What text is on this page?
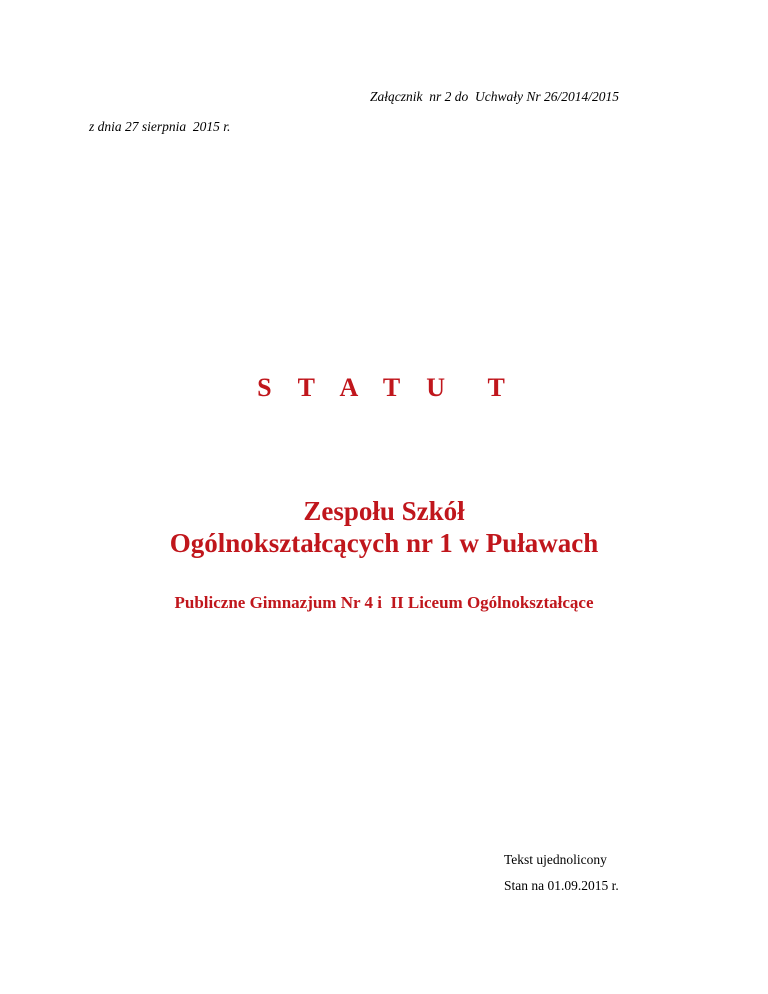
Załącznik  nr 2 do  Uchwały Nr 26/2014/2015
z dnia 27 sierpnia  2015 r.
S T A T U  T
Zespołu Szkół
Ogólnokształcących nr 1 w Puławach
Publiczne Gimnazjum Nr 4 i  II Liceum Ogólnokształcące
Tekst ujednolicony
Stan na 01.09.2015 r.
